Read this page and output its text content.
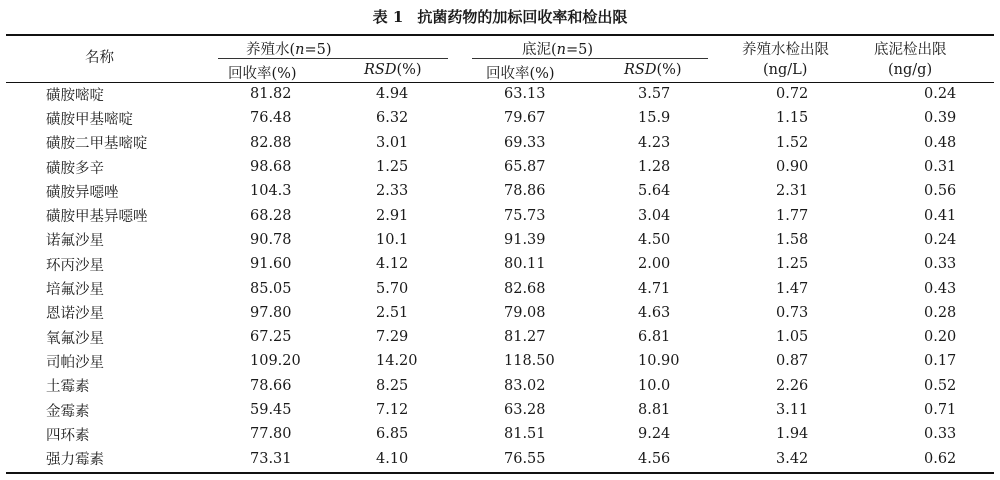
表 1 抗菌药物的加标回收率和检出限
名称	养殖水(n=5)	底泥(n=5)	养殖水检出限	底泥检出限
回收率(%)	RSD(%)	回收率(%)	RSD(%)	(ng/L)	(ng/g)
磺胺嘧啶	81.82	4.94	63.13	3.57	0.72	0.24
磺胺甲基嘧啶	76.48	6.32	79.67	15.9	1.15	0.39
磺胺二甲基嘧啶	82.88	3.01	69.33	4.23	1.52	0.48
磺胺多辛	98.68	1.25	65.87	1.28	0.90	0.31
磺胺异噁唑	104.3	2.33	78.86	5.64	2.31	0.56
磺胺甲基异噁唑	68.28	2.91	75.73	3.04	1.77	0.41
诺氟沙星	90.78	10.1	91.39	4.50	1.58	0.24
环丙沙星	91.60	4.12	80.11	2.00	1.25	0.33
培氟沙星	85.05	5.70	82.68	4.71	1.47	0.43
恩诺沙星	97.80	2.51	79.08	4.63	0.73	0.28
氧氟沙星	67.25	7.29	81.27	6.81	1.05	0.20
司帕沙星	109.20	14.20	118.50	10.90	0.87	0.17
土霉素	78.66	8.25	83.02	10.0	2.26	0.52
金霉素	59.45	7.12	63.28	8.81	3.11	0.71
四环素	77.80	6.85	81.51	9.24	1.94	0.33
强力霉素	73.31	4.10	76.55	4.56	3.42	0.62
